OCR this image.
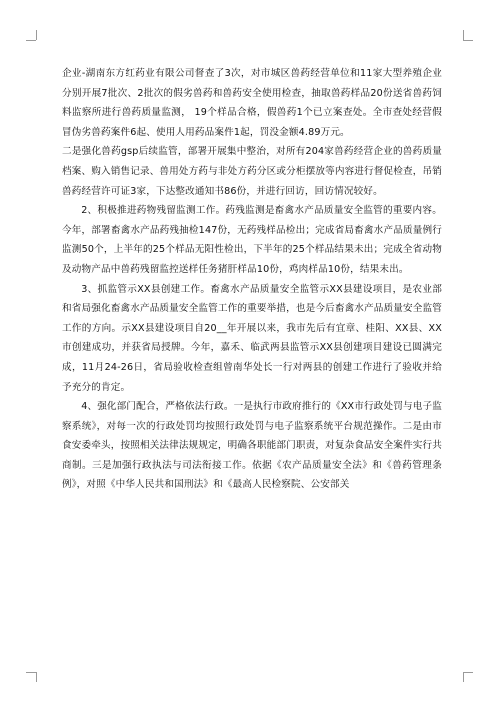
企业-湖南东方红药业有限公司督查了3次，对市城区兽药经营单位和11家大型养殖企业分别开展7批次、2批次的假劣兽药和兽药安全使用检查，抽取兽药样品20份送省兽药饲料监察所进行兽药质量监测， 19个样品合格，假兽药1个已立案查处。全市查处经营假冒伪劣兽药案件6起、使用人用药品案件1起，罚没金额4.89万元。

二是强化兽药gsp后续监管，部署开展集中整治，对所有204家兽药经营企业的兽药质量档案、购入销售记录、兽用处方药与非处方药分区或分柜摆放等内容进行督促检查，吊销兽药经营许可证3家，下达整改通知书86份，并进行回访，回访情况较好。

2、积极推进药物残留监测工作。药残监测是畜禽水产品质量安全监管的重要内容。今年，部署畜禽水产品药残抽检147份，无药残样品检出；完成省局畜禽水产品质量例行监测50个，上半年的25个样品无阳性检出，下半年的25个样品结果未出；完成全省动物及动物产品中兽药残留监控送样任务猪肝样品10份，鸡肉样品10份，结果未出。

3、抓监管示XX县创建工作。畜禽水产品质量安全监管示XX县建设项目，是农业部和省局强化畜禽水产品质量安全监管工作的重要举措，也是今后畜禽水产品质量安全监管工作的方向。示XX县建设项目自20__年开展以来，我市先后有宜章、桂阳、XX县、XX市创建成功，并获省局授牌。今年，嘉禾、临武两县监管示XX县创建项目建设已圆满完成，11月24-26日，省局验收检查组曾南华处长一行对两县的创建工作进行了验收并给予充分的肯定。

4、强化部门配合，严格依法行政。一是执行市政府推行的《XX市行政处罚与电子监察系统》，对每一次的行政处罚均按照行政处罚与电子监察系统平台规范操作。二是由市食安委牵头，按照相关法律法规规定，明确各职能部门职责，对复杂食品安全案件实行共商制。三是加强行政执法与司法衔接工作。依据《农产品质量安全法》和《兽药管理条例》，对照《中华人民共和国刑法》和《最高人民检察院、公安部关
